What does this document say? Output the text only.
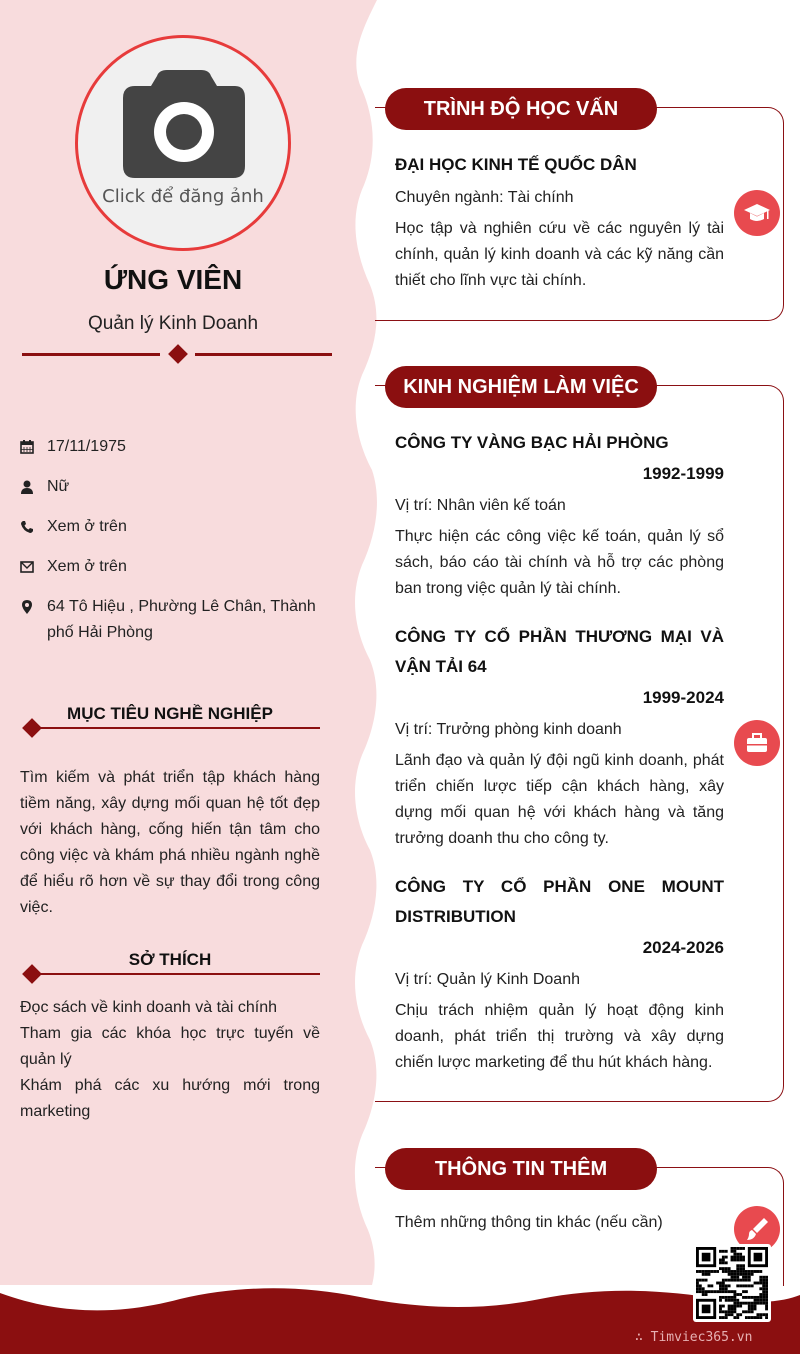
Click để đăng ảnh
ỨNG VIÊN
Quản lý Kinh Doanh
17/11/1975
Nữ
Xem ở trên
Xem ở trên
64 Tô Hiệu , Phường Lê Chân, Thành phố Hải Phòng
MỤC TIÊU NGHỀ NGHIỆP
Tìm kiếm và phát triển tập khách hàng tiềm năng, xây dựng mối quan hệ tốt đẹp với khách hàng, cống hiến tận tâm cho công việc và khám phá nhiều ngành nghề để hiểu rõ hơn về sự thay đổi trong công việc.
SỞ THÍCH
Đọc sách về kinh doanh và tài chính
Tham gia các khóa học trực tuyến về quản lý
Khám phá các xu hướng mới trong marketing
TRÌNH ĐỘ HỌC VẤN
ĐẠI HỌC KINH TẾ QUỐC DÂN
Chuyên ngành: Tài chính
Học tập và nghiên cứu về các nguyên lý tài chính, quản lý kinh doanh và các kỹ năng cần thiết cho lĩnh vực tài chính.
KINH NGHIỆM LÀM VIỆC
CÔNG TY VÀNG BẠC HẢI PHÒNG
1992-1999
Vị trí: Nhân viên kế toán
Thực hiện các công việc kế toán, quản lý sổ sách, báo cáo tài chính và hỗ trợ các phòng ban trong việc quản lý tài chính.
CÔNG TY CỔ PHẦN THƯƠNG MẠI VÀ VẬN TẢI 64
1999-2024
Vị trí: Trưởng phòng kinh doanh
Lãnh đạo và quản lý đội ngũ kinh doanh, phát triển chiến lược tiếp cận khách hàng, xây dựng mối quan hệ với khách hàng và tăng trưởng doanh thu cho công ty.
CÔNG TY CỔ PHẦN ONE MOUNT DISTRIBUTION
2024-2026
Vị trí: Quản lý Kinh Doanh
Chịu trách nhiệm quản lý hoạt động kinh doanh, phát triển thị trường và xây dựng chiến lược marketing để thu hút khách hàng.
THÔNG TIN THÊM
Thêm những thông tin khác (nếu cần)
∴ Timviec365.vn
